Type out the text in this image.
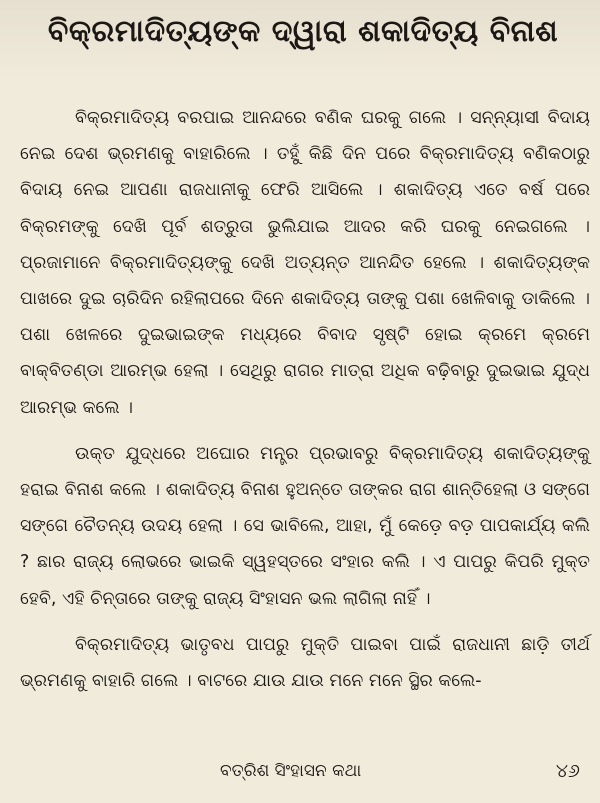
ବିକ୍ରମାଦିତ୍ୟଙ୍କ ଦ୍ୱାରା ଶକାଦିତ୍ୟ ବିନାଶ

ବିକ୍ରମାଦିତ୍ୟ ବରପାଇ ଆନନ୍ଦରେ ବଣିକ ଘରକୁ ଗଲେ । ସନ୍ନ୍ୟାସୀ ବିଦାୟ ନେଇ ଦେଶ ଭ୍ରମଣକୁ ବାହାରିଲେ । ତହୁଁ କିଛି ଦିନ ପରେ ବିକ୍ରମାଦିତ୍ୟ ବଣିକଠାରୁ ବିଦାୟ ନେଇ ଆପଣା ରାଜଧାନୀକୁ ଫେରି ଆସିଲେ । ଶକାଦିତ୍ୟ ଏତେ ବର୍ଷ ପରେ ବିକ୍ରମଙ୍କୁ ଦେଖି ପୂର୍ବ ଶତ୍ରୁତା ଭୁଲିଯାଇ ଆଦର କରି ଘରକୁ ନେଇଗଲେ । ପ୍ରଜାମାନେ ବିକ୍ରମାଦିତ୍ୟଙ୍କୁ ଦେଖି ଅତ୍ୟନ୍ତ ଆନନ୍ଦିତ ହେଲେ । ଶକାଦିତ୍ୟଙ୍କ ପାଖରେ ଦୁଇ ଚାରିଦିନ ରହିଲାପରେ ଦିନେ ଶକାଦିତ୍ୟ ତାଙ୍କୁ ପଶା ଖେଳିବାକୁ ଡାକିଲେ । ପଶା ଖେଳରେ ଦୁଇଭାଇଙ୍କ ମଧ୍ୟରେ ବିବାଦ ସୃଷ୍ଟି ହୋଇ କ୍ରମେ କ୍ରମେ ବାକ୍‌ବିତଣ୍ଡା ଆରମ୍ଭ ହେଲା । ସେଥିରୁ ରାଗର ମାତ୍ରା ଅଧିକ ବଢ଼ିବାରୁ ଦୁଇଭାଇ ଯୁଦ୍ଧ ଆରମ୍ଭ କଲେ ।

ଉକ୍ତ ଯୁଦ୍ଧରେ ଅଘୋର ମନ୍ତ୍ର ପ୍ରଭାବରୁ ବିକ୍ରମାଦିତ୍ୟ ଶକାଦିତ୍ୟଙ୍କୁ ହରାଇ ବିନାଶ କଲେ । ଶକାଦିତ୍ୟ ବିନାଶ ହୁଅନ୍ତେ ତାଙ୍କର ରାଗ ଶାନ୍ତିହେଲା ଓ ସଙ୍ଗେ ସଙ୍ଗେ ଚୈତନ୍ୟ ଉଦୟ ହେଲା । ସେ ଭାବିଲେ, ଆହା, ମୁଁ କେଡ଼େ ବଡ଼ ପାପକାର୍ଯ୍ୟ କଲି ? ଛାର ରାଜ୍ୟ ଲୋଭରେ ଭାଇକି ସ୍ୱହସ୍ତରେ ସଂହାର କଲି । ଏ ପାପରୁ କିପରି ମୁକ୍ତ ହେବି, ଏହି ଚିନ୍ତାରେ ତାଙ୍କୁ ରାଜ୍ୟ ସିଂହାସନ ଭଲ ଲାଗିଲା ନାହିଁ ।

ବିକ୍ରମାଦିତ୍ୟ ଭାତୃବଧ ପାପରୁ ମୁକ୍ତି ପାଇବା ପାଇଁ ରାଜଧାନୀ ଛାଡ଼ି ତୀର୍ଥ ଭ୍ରମଣକୁ ବାହାରି ଗଲେ । ବାଟରେ ଯାଉ ଯାଉ ମନେ ମନେ ସ୍ଥିର କଲେ-

ବତ୍ରିଶ ସିଂହାସନ କଥା	୪୬
